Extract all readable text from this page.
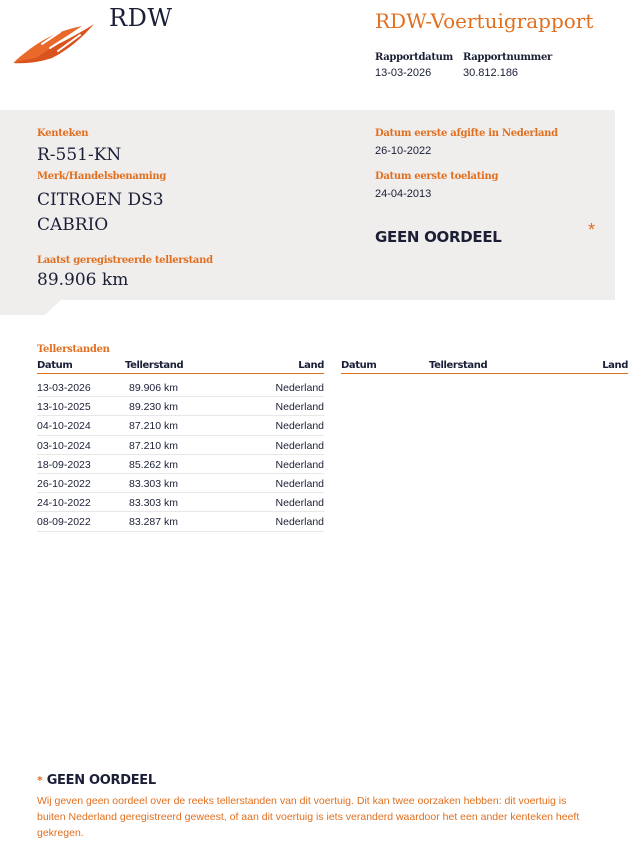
RDW	RDW-Voertuigrapport
Rapportdatum
13-03-2026
Rapportnummer
30.812.186
Kenteken
R-551-KN
Merk/Handelsbenaming
CITROEN DS3
CABRIO
Laatst geregistreerde tellerstand
89.906 km
Datum eerste afgifte in Nederland
26-10-2022
Datum eerste toelating
24-04-2013
GEEN OORDEEL	*
Tellerstanden
Datum	Tellerstand	Land
13-03-2026	89.906 km	Nederland
13-10-2025	89.230 km	Nederland
04-10-2024	87.210 km	Nederland
03-10-2024	87.210 km	Nederland
18-09-2023	85.262 km	Nederland
26-10-2022	83.303 km	Nederland
24-10-2022	83.303 km	Nederland
08-09-2022	83.287 km	Nederland
Datum	Tellerstand	Land
* GEEN OORDEEL
Wij geven geen oordeel over de reeks tellerstanden van dit voertuig. Dit kan twee oorzaken hebben: dit voertuig is buiten Nederland geregistreerd geweest, of aan dit voertuig is iets veranderd waardoor het een ander kenteken heeft gekregen.
